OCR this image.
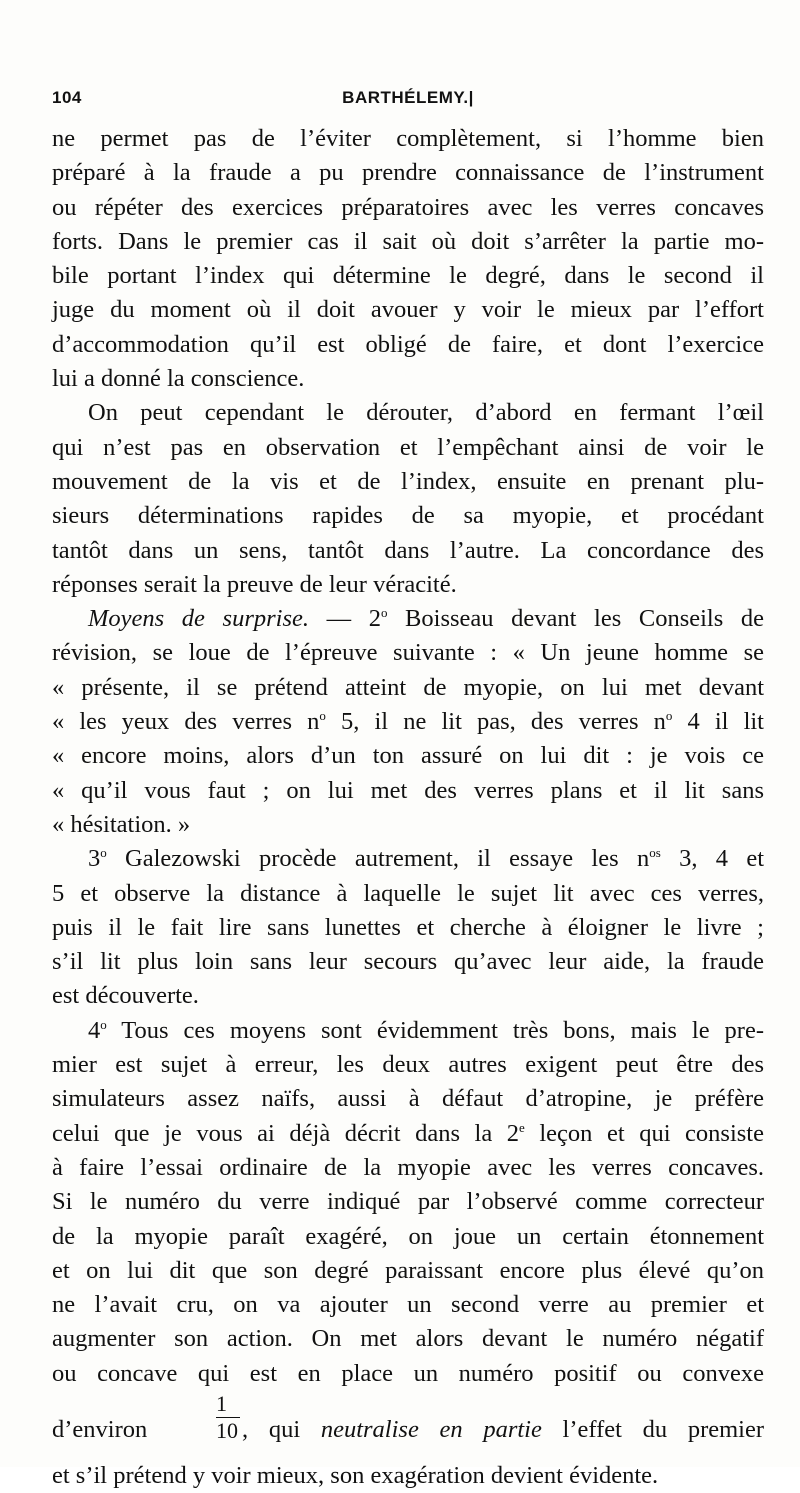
104	BARTHÉLEMY.|
ne permet pas de l’éviter complètement, si l’homme bien
préparé à la fraude a pu prendre connaissance de l’instrument
ou répéter des exercices préparatoires avec les verres concaves
forts. Dans le premier cas il sait où doit s’arrêter la partie mo-
bile portant l’index qui détermine le degré, dans le second il
juge du moment où il doit avouer y voir le mieux par l’effort
d’accommodation qu’il est obligé de faire, et dont l’exercice
lui a donné la conscience.
On peut cependant le dérouter, d’abord en fermant l’œil
qui n’est pas en observation et l’empêchant ainsi de voir le
mouvement de la vis et de l’index, ensuite en prenant plu-
sieurs déterminations rapides de sa myopie, et procédant
tantôt dans un sens, tantôt dans l’autre. La concordance des
réponses serait la preuve de leur véracité.
Moyens de surprise. — 2$^o$ Boisseau devant les Conseils de
révision, se loue de l’épreuve suivante : « Un jeune homme se
« présente, il se prétend atteint de myopie, on lui met devant
« les yeux des verres $n^o$ 5, il ne lit pas, des verres $n^o$ 4 il lit
« encore moins, alors d’un ton assuré on lui dit : je vois ce
« qu’il vous faut ; on lui met des verres plans et il lit sans
« hésitation. »
3$^o$ Galezowski procède autrement, il essaye les $n^{os}$ 3, 4 et
5 et observe la distance à laquelle le sujet lit avec ces verres,
puis il le fait lire sans lunettes et cherche à éloigner le livre ;
s’il lit plus loin sans leur secours qu’avec leur aide, la fraude
est découverte.
4$^o$ Tous ces moyens sont évidemment très bons, mais le pre-
mier est sujet à erreur, les deux autres exigent peut être des
simulateurs assez naïfs, aussi à défaut d’atropine, je préfère
celui que je vous ai déjà décrit dans la 2e leçon et qui consiste
à faire l’essai ordinaire de la myopie avec les verres concaves.
Si le numéro du verre indiqué par l’observé comme correcteur
de la myopie paraît exagéré, on joue un certain étonnement
et on lui dit que son degré paraissant encore plus élevé qu’on
ne l’avait cru, on va ajouter un second verre au premier et
augmenter son action. On met alors devant le numéro négatif
ou concave qui est en place un numéro positif ou convexe
d’environ	$\frac{1}{10}$ , qui neutralise en partie l’effet du premier
et s’il prétend y voir mieux, son exagération devient évidente.
